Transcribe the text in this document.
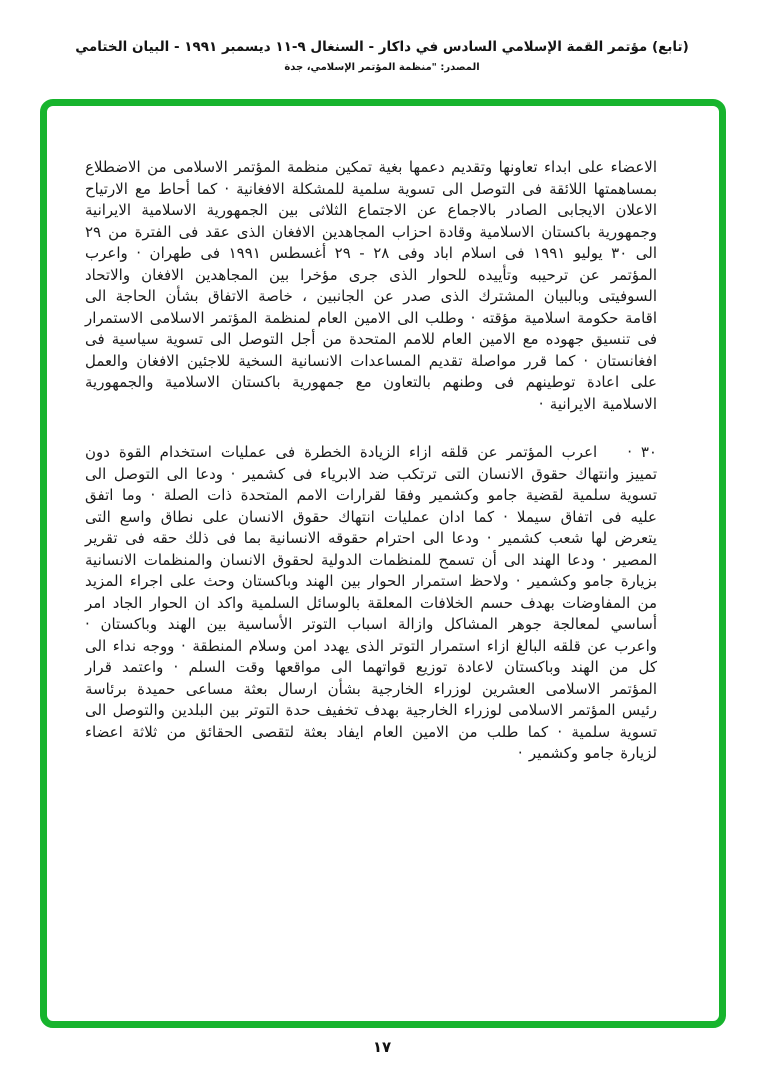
(تابع) مؤتمر القمة الإسلامي السادس في داكار - السنغال ٩-١١ ديسمبر ١٩٩١ - البيان الختامي
المصدر: "منظمة المؤتمر الإسلامي، جدة

الاعضاء على ابداء تعاونها وتقديم دعمها بغية تمكين منظمة المؤتمر الاسلامى من الاضطلاع بمساهمتها اللائقة فى التوصل الى تسوية سلمية للمشكلة الافغانية · كما أحاط مع الارتياح الاعلان الايجابى الصادر بالاجماع عن الاجتماع الثلاثى بين الجمهورية الاسلامية الايرانية وجمهورية باكستان الاسلامية وقادة احزاب المجاهدين الافغان الذى عقد فى الفترة من ٢٩ الى ٣٠ يوليو ١٩٩١ فى اسلام اباد وفى ٢٨ - ٢٩ أغسطس ١٩٩١ فى طهران · واعرب المؤتمر عن ترحيبه وتأييده للحوار الذى جرى مؤخرا بين المجاهدين الافغان والاتحاد السوفيتى وبالبيان المشترك الذى صدر عن الجانبين ، خاصة الاتفاق بشأن الحاجة الى اقامة حكومة اسلامية مؤقته · وطلب الى الامين العام لمنظمة المؤتمر الاسلامى الاستمرار فى تنسيق جهوده مع الامين العام للامم المتحدة من أجل التوصل الى تسوية سياسية فى افغانستان · كما قرر مواصلة تقديم المساعدات الانسانية السخية للاجئين الافغان والعمل على اعادة توطينهم فى وطنهم بالتعاون مع جمهورية باكستان الاسلامية والجمهورية الاسلامية الايرانية ·

٣٠ ·اعرب المؤتمر عن قلقه ازاء الزيادة الخطرة فى عمليات استخدام القوة دون تمييز وانتهاك حقوق الانسان التى ترتكب ضد الابرياء فى كشمير · ودعا الى التوصل الى تسوية سلمية لقضية جامو وكشمير وفقا لقرارات الامم المتحدة ذات الصلة · وما اتفق عليه فى اتفاق سيملا · كما ادان عمليات انتهاك حقوق الانسان على نطاق واسع التى يتعرض لها شعب كشمير · ودعا الى احترام حقوقه الانسانية بما فى ذلك حقه فى تقرير المصير · ودعا الهند الى أن تسمح للمنظمات الدولية لحقوق الانسان والمنظمات الانسانية بزيارة جامو وكشمير · ولاحظ استمرار الحوار بين الهند وباكستان وحث على اجراء المزيد من المفاوضات بهدف حسم الخلافات المعلقة بالوسائل السلمية واكد ان الحوار الجاد امر أساسي لمعالجة جوهر المشاكل وازالة اسباب التوتر الأساسية بين الهند وباكستان · واعرب عن قلقه البالغ ازاء استمرار التوتر الذى يهدد امن وسلام المنطقة · ووجه نداء الى كل من الهند وباكستان لاعادة توزيع قواتهما الى مواقعها وقت السلم · واعتمد قرار المؤتمر الاسلامى العشرين لوزراء الخارجية بشأن ارسال بعثة مساعى حميدة برئاسة رئيس المؤتمر الاسلامى لوزراء الخارجية بهدف تخفيف حدة التوتر بين البلدين والتوصل الى تسوية سلمية · كما طلب من الامين العام ايفاد بعثة لتقصى الحقائق من ثلاثة اعضاء لزيارة جامو وكشمير ·

١٧
